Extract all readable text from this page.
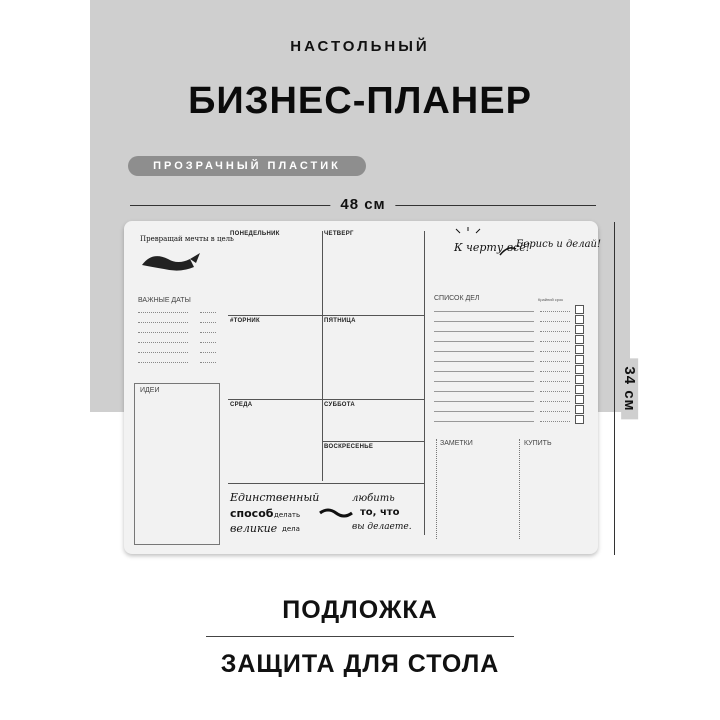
НАСТОЛЬНЫЙ
БИЗНЕС-ПЛАНЕР
ПРОЗРАЧНЫЙ ПЛАСТИК
48 см
34 см
Превращай мечты в цель
ВАЖНЫЕ ДАТЫ
ИДЕИ
ПОНЕДЕЛЬНИК	ЧЕТВЕРГ
#ТОРНИК	ПЯТНИЦА
СРЕДА	СУББОТА
ВОСКРЕСЕНЬЕ
Единственный
способ делать
великие дела
любить
то, что
вы делаете.
К черту всё!
Берись и делай!
СПИСОК ДЕЛ	Крайний срок
ЗАМЕТКИ	КУПИТЬ
ПОДЛОЖКА
ЗАЩИТА ДЛЯ СТОЛА
